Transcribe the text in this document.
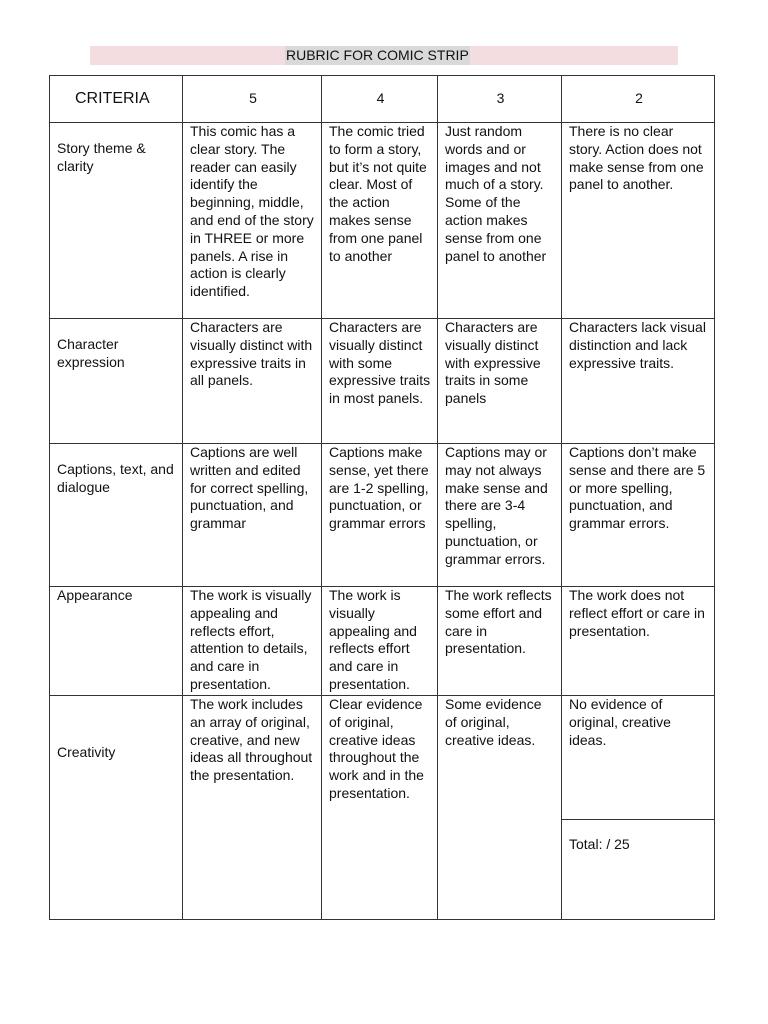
RUBRIC FOR COMIC STRIP
CRITERIA	5	4	3	2
Story theme & clarity	This comic has a clear story. The reader can easily identify the beginning, middle, and end of the story in THREE or more panels. A rise in action is clearly identified.	The comic tried to form a story, but it’s not quite clear. Most of the action makes sense from one panel to another	Just random words and or images and not much of a story. Some of the action makes sense from one panel to another	There is no clear story. Action does not make sense from one panel to another.
Character expression	Characters are visually distinct with expressive traits in all panels.	Characters are visually distinct with some expressive traits in most panels.	Characters are visually distinct with expressive traits in some panels	Characters lack visual distinction and lack expressive traits.
Captions, text, and dialogue	Captions are well written and edited for correct spelling, punctuation, and grammar	Captions make sense, yet there are 1-2 spelling, punctuation, or grammar errors	Captions may or may not always make sense and there are 3-4 spelling, punctuation, or grammar errors.	Captions don’t make sense and there are 5 or more spelling, punctuation, and grammar errors.
Appearance	The work is visually appealing and reflects effort, attention to details, and care in presentation.	The work is visually appealing and reflects effort and care in presentation.	The work reflects some effort and care in presentation.	The work does not reflect effort or care in presentation.
Creativity	The work includes an array of original, creative, and new ideas all throughout the presentation.	Clear evidence of original, creative ideas throughout the work and in the presentation.	Some evidence of original, creative ideas.	No evidence of original, creative ideas.
Total: / 25
